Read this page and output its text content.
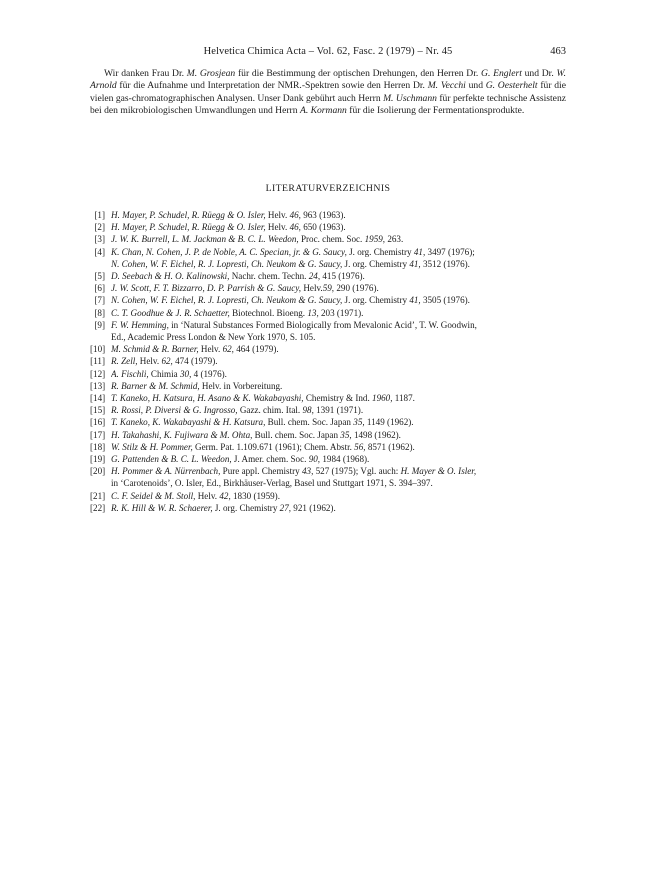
Helvetica Chimica Acta – Vol. 62, Fasc. 2 (1979) – Nr. 45	463

Wir danken Frau Dr. M. Grosjean für die Bestimmung der optischen Drehungen, den Herren Dr. G. Englert und Dr. W. Arnold für die Aufnahme und Interpretation der NMR.-Spektren sowie den Herren Dr. M. Vecchi und G. Oesterhelt für die vielen gas-chromatographischen Analysen. Unser Dank gebührt auch Herrn M. Uschmann für perfekte technische Assistenz bei den mikrobiologischen Umwandlungen und Herrn A. Kormann für die Isolierung der Fermentationsprodukte.

LITERATURVERZEICHNIS
[1] H. Mayer, P. Schudel, R. Rüegg & O. Isler, Helv. 46, 963 (1963).
[2] H. Mayer, P. Schudel, R. Rüegg & O. Isler, Helv. 46, 650 (1963).
[3] J. W. K. Burrell, L. M. Jackman & B. C. L. Weedon, Proc. chem. Soc. 1959, 263.
[4] K. Chan, N. Cohen, J. P. de Noble, A. C. Specian, jr. & G. Saucy, J. org. Chemistry 41, 3497 (1976);
N. Cohen, W. F. Eichel, R. J. Lopresti, Ch. Neukom & G. Saucy, J. org. Chemistry 41, 3512 (1976).
[5] D. Seebach & H. O. Kalinowski, Nachr. chem. Techn. 24, 415 (1976).
[6] J. W. Scott, F. T. Bizzarro, D. P. Parrish & G. Saucy, Helv.59, 290 (1976).
[7] N. Cohen, W. F. Eichel, R. J. Lopresti, Ch. Neukom & G. Saucy, J. org. Chemistry 41, 3505 (1976).
[8] C. T. Goodhue & J. R. Schaetter, Biotechnol. Bioeng. 13, 203 (1971).
[9] F. W. Hemming, in ‘Natural Substances Formed Biologically from Mevalonic Acid’, T. W. Goodwin,
Ed., Academic Press London & New York 1970, S. 105.
[10] M. Schmid & R. Barner, Helv. 62, 464 (1979).
[11] R. Zell, Helv. 62, 474 (1979).
[12] A. Fischli, Chimia 30, 4 (1976).
[13] R. Barner & M. Schmid, Helv. in Vorbereitung.
[14] T. Kaneko, H. Katsura, H. Asano & K. Wakabayashi, Chemistry & Ind. 1960, 1187.
[15] R. Rossi, P. Diversi & G. Ingrosso, Gazz. chim. Ital. 98, 1391 (1971).
[16] T. Kaneko, K. Wakabayashi & H. Katsura, Bull. chem. Soc. Japan 35, 1149 (1962).
[17] H. Takahashi, K. Fujiwara & M. Ohta, Bull. chem. Soc. Japan 35, 1498 (1962).
[18] W. Stilz & H. Pommer, Germ. Pat. 1.109.671 (1961); Chem. Abstr. 56, 8571 (1962).
[19] G. Pattenden & B. C. L. Weedon, J. Amer. chem. Soc. 90, 1984 (1968).
[20] H. Pommer & A. Nürrenbach, Pure appl. Chemistry 43, 527 (1975); Vgl. auch: H. Mayer & O. Isler,
in ‘Carotenoids’, O. Isler, Ed., Birkhäuser-Verlag, Basel und Stuttgart 1971, S. 394–397.
[21] C. F. Seidel & M. Stoll, Helv. 42, 1830 (1959).
[22] R. K. Hill & W. R. Schaerer, J. org. Chemistry 27, 921 (1962).
